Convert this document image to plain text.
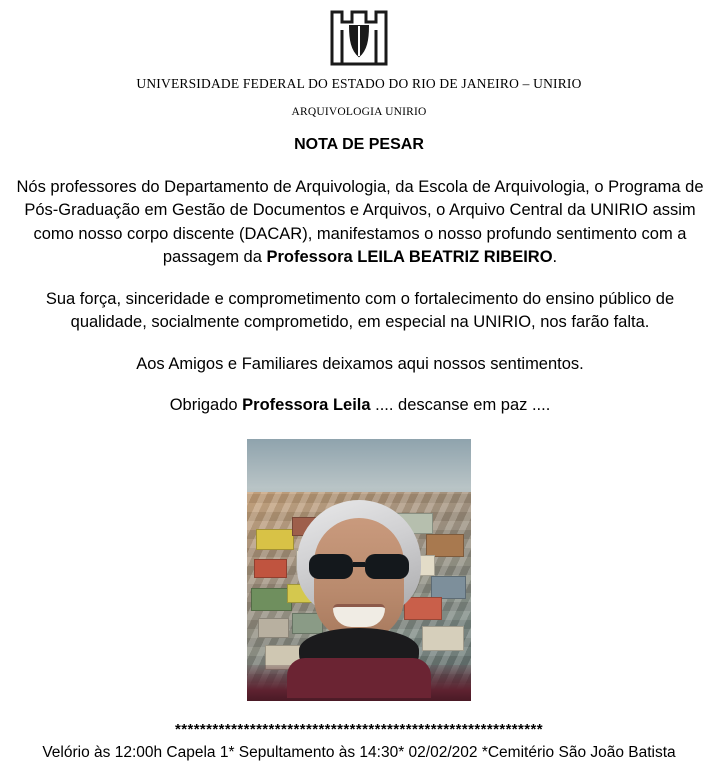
UNIVERSIDADE FEDERAL DO ESTADO DO RIO DE JANEIRO – UNIRIO
ARQUIVOLOGIA UNIRIO
NOTA DE PESAR

Nós professores do Departamento de Arquivologia, da Escola de Arquivologia, o Programa de Pós-Graduação em Gestão de Documentos e Arquivos, o Arquivo Central da UNIRIO assim como nosso corpo discente (DACAR), manifestamos o nosso profundo sentimento com a passagem da Professora LEILA BEATRIZ RIBEIRO.

Sua força, sinceridade e comprometimento com o fortalecimento do ensino público de qualidade, socialmente comprometido, em especial na UNIRIO, nos farão falta.

Aos Amigos e Familiares deixamos aqui nossos sentimentos.

Obrigado Professora Leila .... descanse em paz ....

***********************************************************
Velório às 12:00h Capela 1* Sepultamento às 14:30* 02/02/202 *Cemitério São João Batista
